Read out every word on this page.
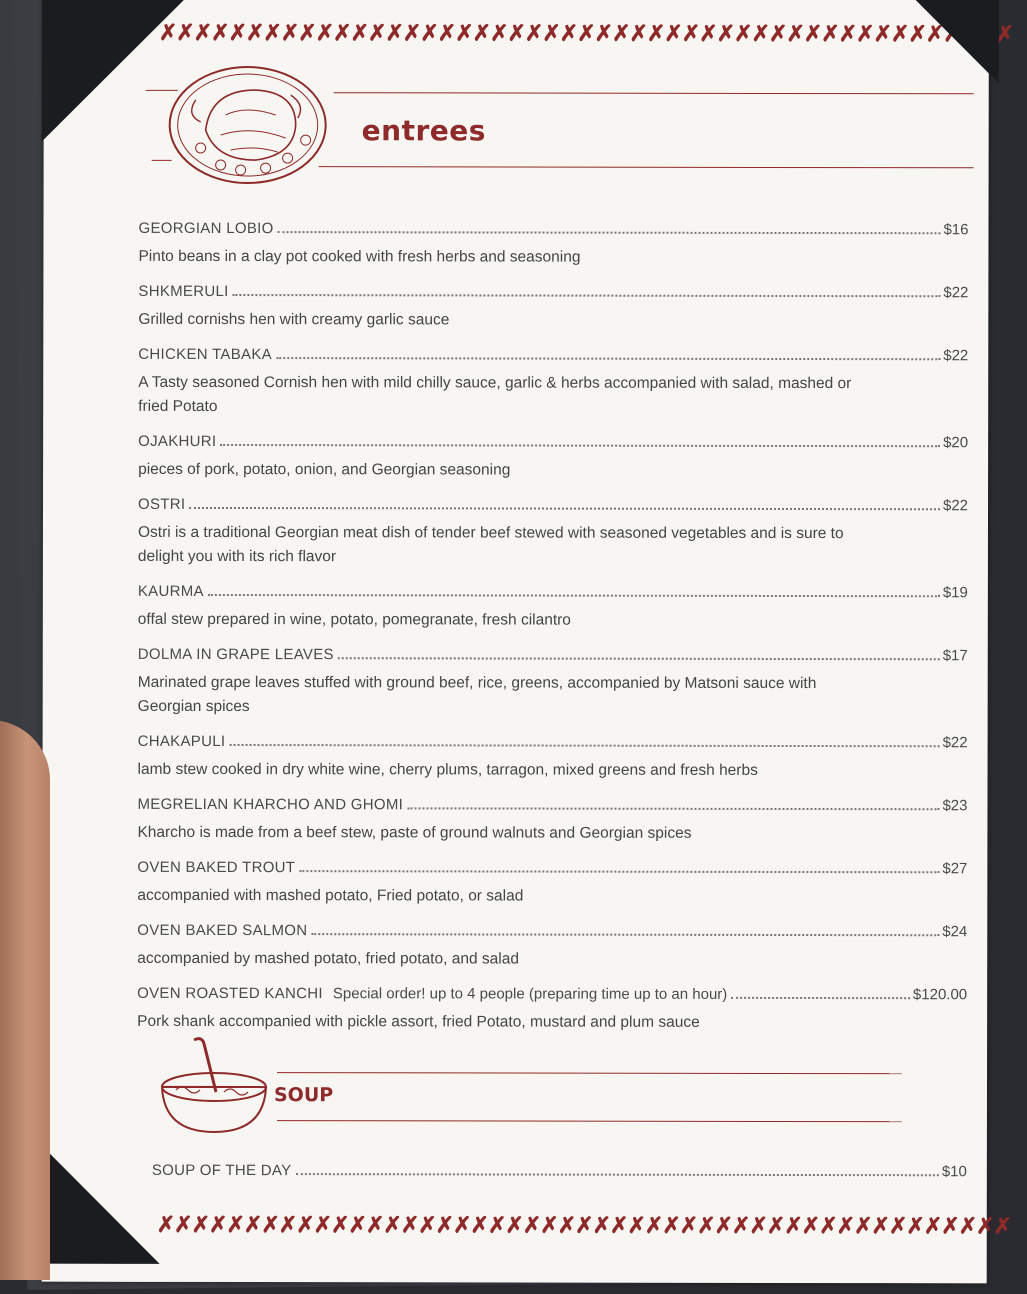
✗✗✗✗✗✗✗✗✗✗✗✗✗✗✗✗✗✗✗✗✗✗✗✗✗✗✗✗✗✗✗✗✗✗✗✗✗✗✗✗✗✗✗✗✗✗✗✗✗
entrees
GEORGIAN LOBIO	$16
Pinto beans in a clay pot cooked with fresh herbs and seasoning
SHKMERULI	$22
Grilled cornishs hen with creamy garlic sauce
CHICKEN TABAKA	$22
A Tasty seasoned Cornish hen with mild chilly sauce, garlic & herbs accompanied with salad, mashed or fried Potato
OJAKHURI	$20
pieces of pork, potato, onion, and Georgian seasoning
OSTRI	$22
Ostri is a traditional Georgian meat dish of tender beef stewed with seasoned vegetables and is sure to delight you with its rich flavor
KAURMA	$19
offal stew prepared in wine, potato, pomegranate, fresh cilantro
DOLMA IN GRAPE LEAVES	$17
Marinated grape leaves stuffed with ground beef, rice, greens, accompanied by Matsoni sauce with Georgian spices
CHAKAPULI	$22
lamb stew cooked in dry white wine, cherry plums, tarragon, mixed greens and fresh herbs
MEGRELIAN KHARCHO AND GHOMI	$23
Kharcho is made from a beef stew, paste of ground walnuts and Georgian spices
OVEN BAKED TROUT	$27
accompanied with mashed potato, Fried potato, or salad
OVEN BAKED SALMON	$24
accompanied by mashed potato, fried potato, and salad
OVEN ROASTED KANCHI Special order! up to 4 people (preparing time up to an hour)	$120.00
Pork shank accompanied with pickle assort, fried Potato, mustard and plum sauce
SOUP
SOUP OF THE DAY	$10
✗✗✗✗✗✗✗✗✗✗✗✗✗✗✗✗✗✗✗✗✗✗✗✗✗✗✗✗✗✗✗✗✗✗✗✗✗✗✗✗✗✗✗✗✗✗✗✗✗
